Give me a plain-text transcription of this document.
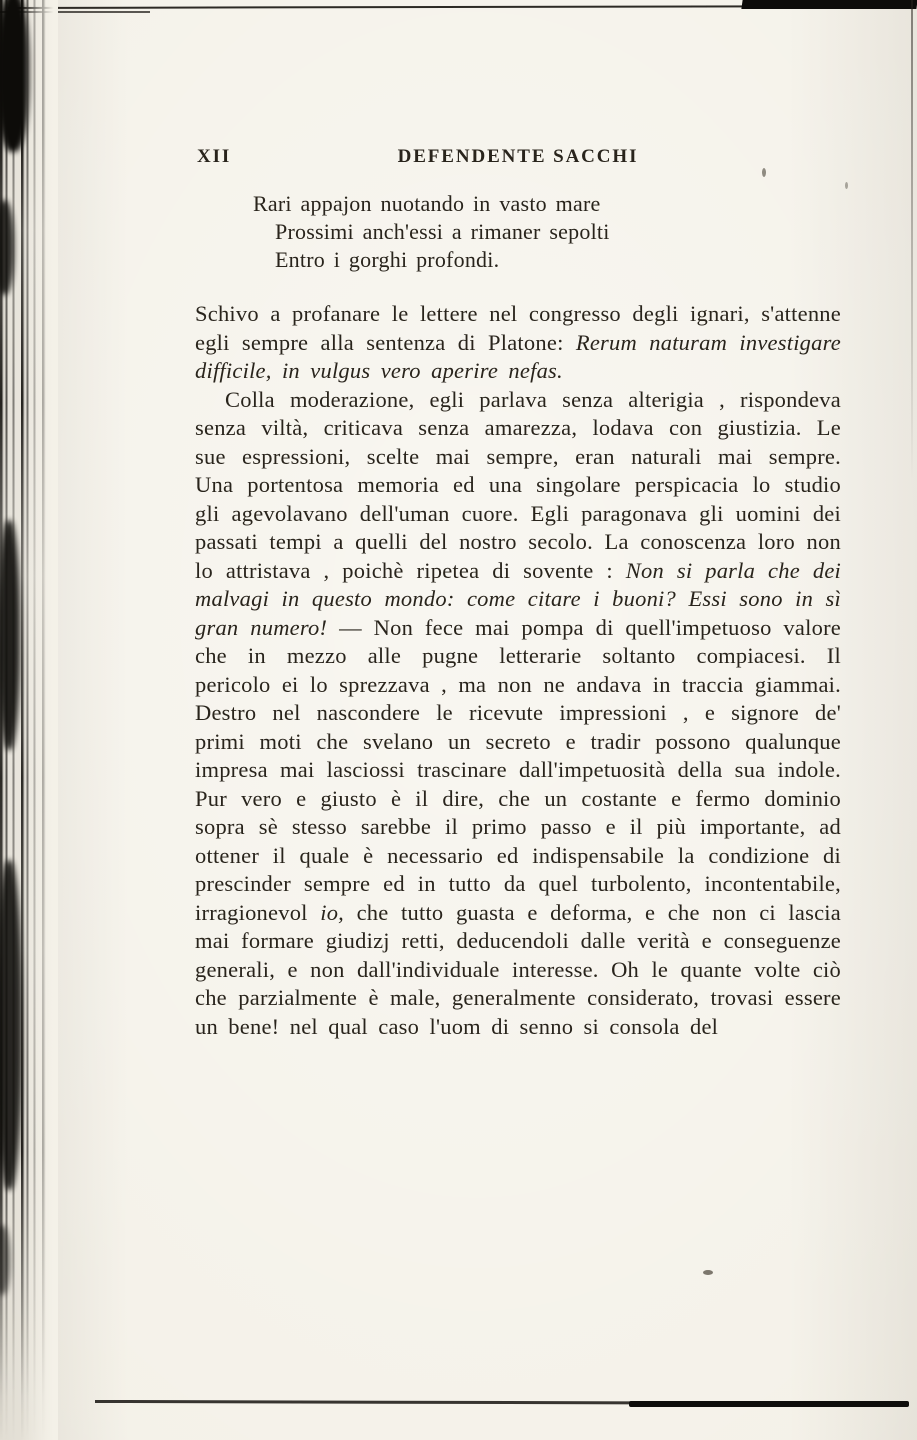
XII	DEFENDENTE SACCHI
Rari appajon nuotando in vasto mare
Prossimi anch'essi a rimaner sepolti
Entro i gorghi profondi.

Schivo a profanare le lettere nel congresso degli ignari, s'attenne egli sempre alla sentenza di Platone: Rerum naturam investigare difficile, in vulgus vero aperire nefas.

Colla moderazione, egli parlava senza alterigia , rispondeva senza viltà, criticava senza amarezza, lodava con giustizia. Le sue espressioni, scelte mai sempre, eran naturali mai sempre. Una portentosa memoria ed una singolare perspicacia lo studio gli agevolavano dell'uman cuore. Egli paragonava gli uomini dei passati tempi a quelli del nostro secolo. La conoscenza loro non lo attristava , poichè ripetea di sovente : Non si parla che dei malvagi in questo mondo: come citare i buoni? Essi sono in sì gran numero! — Non fece mai pompa di quell'impetuoso valore che in mezzo alle pugne letterarie soltanto compiacesi. Il pericolo ei lo sprezzava , ma non ne andava in traccia giammai. Destro nel nascondere le ricevute impressioni , e signore de' primi moti che svelano un secreto e tradir possono qualunque impresa mai lasciossi trascinare dall'impetuosità della sua indole. Pur vero e giusto è il dire, che un costante e fermo dominio sopra sè stesso sarebbe il primo passo e il più importante, ad ottener il quale è necessario ed indispensabile la condizione di prescinder sempre ed in tutto da quel turbolento, incontentabile, irragionevol io, che tutto guasta e deforma, e che non ci lascia mai formare giudizj retti, deducendoli dalle verità e conseguenze generali, e non dall'individuale interesse. Oh le quante volte ciò che parzialmente è male, generalmente considerato, trovasi essere un bene! nel qual caso l'uom di senno si consola del
